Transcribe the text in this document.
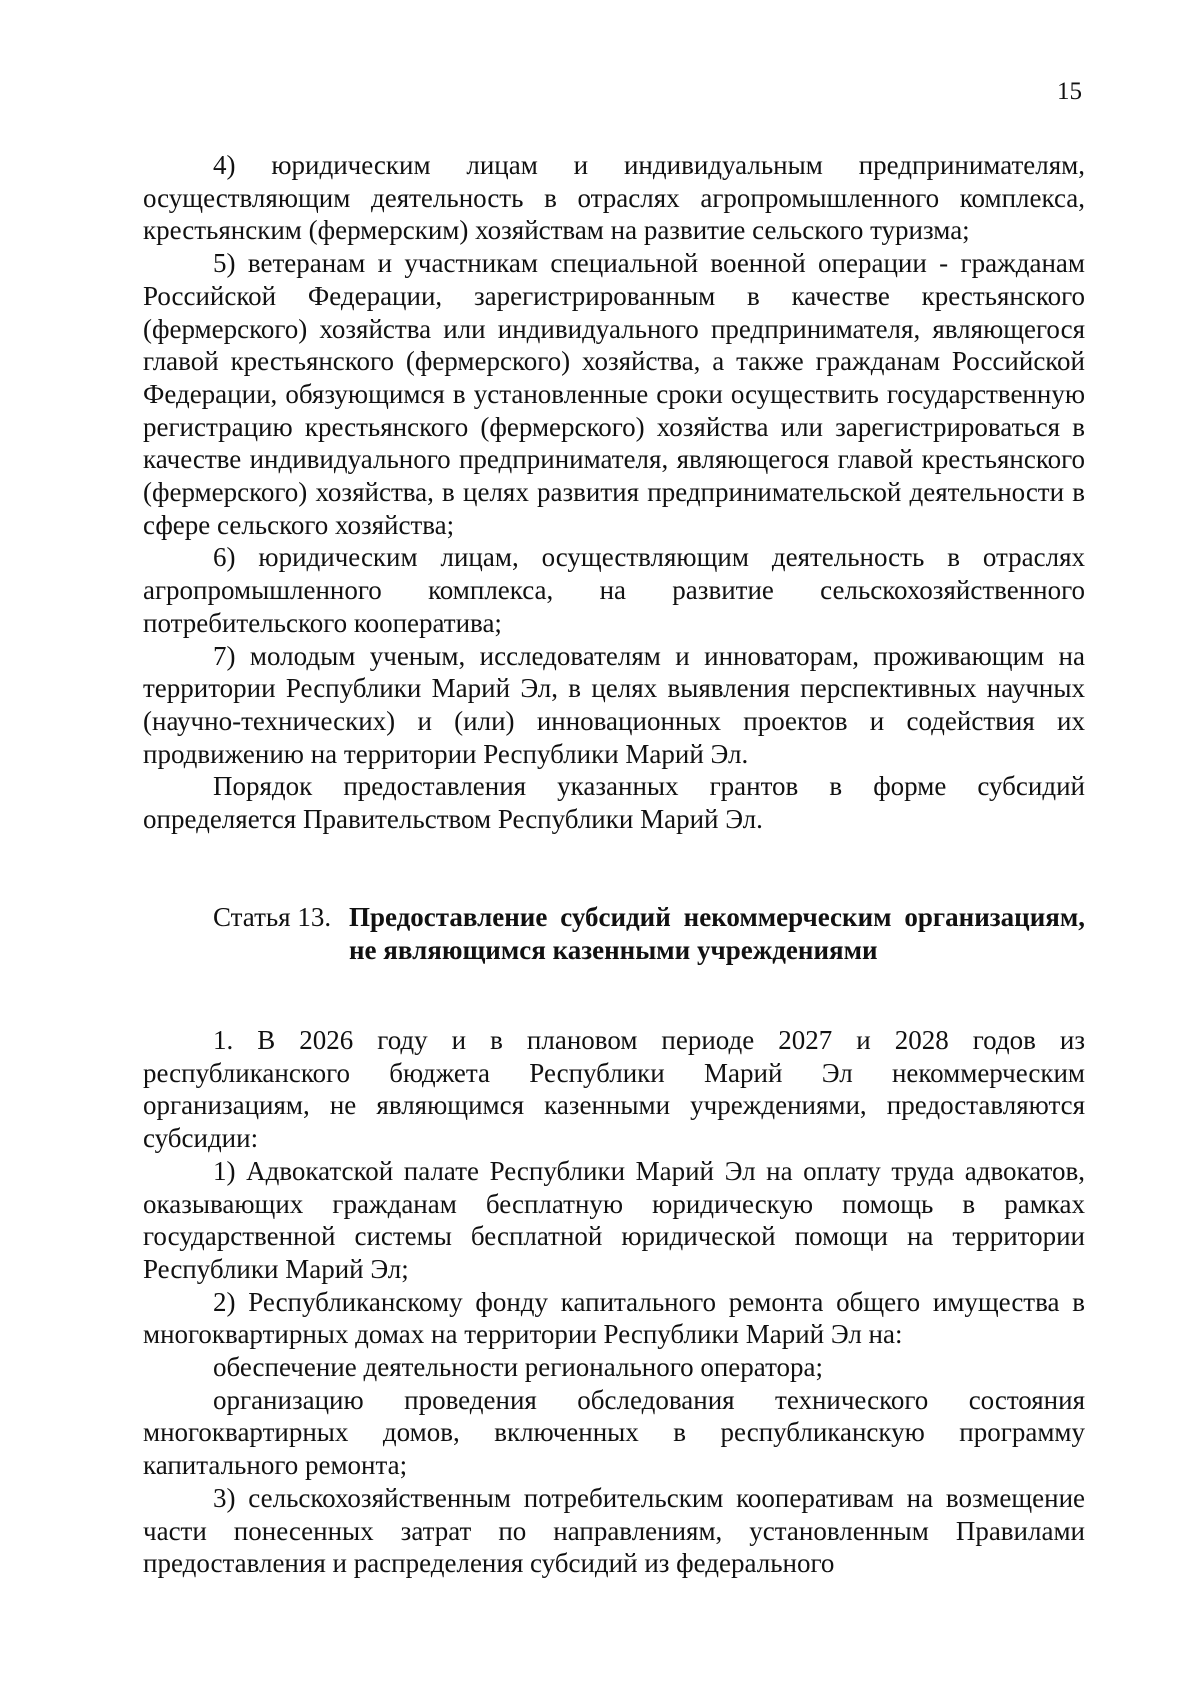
15

4) юридическим лицам и индивидуальным предпринимателям, осуществляющим деятельность в отраслях агропромышленного комплекса, крестьянским (фермерским) хозяйствам на развитие сельского туризма;

5) ветеранам и участникам специальной военной операции - гражданам Российской Федерации, зарегистрированным в качестве крестьянского (фермерского) хозяйства или индивидуального предпринимателя, являющегося главой крестьянского (фермерского) хозяйства, а также гражданам Российской Федерации, обязующимся в установленные сроки осуществить государственную регистрацию крестьянского (фермерского) хозяйства или зарегистрироваться в качестве индивидуального предпринимателя, являющегося главой крестьянского (фермерского) хозяйства, в целях развития предпринимательской деятельности в сфере сельского хозяйства;

6) юридическим лицам, осуществляющим деятельность в отраслях агропромышленного комплекса, на развитие сельскохозяйственного потребительского кооператива;

7) молодым ученым, исследователям и инноваторам, проживающим на территории Республики Марий Эл, в целях выявления перспективных научных (научно-технических) и (или) инновационных проектов и содействия их продвижению на территории Республики Марий Эл.

Порядок предоставления указанных грантов в форме субсидий определяется Правительством Республики Марий Эл.

Статья 13. Предоставление субсидий некоммерческим организациям, не являющимся казенными учреждениями

1. В 2026 году и в плановом периоде 2027 и 2028 годов из республиканского бюджета Республики Марий Эл некоммерческим организациям, не являющимся казенными учреждениями, предоставляются субсидии:

1) Адвокатской палате Республики Марий Эл на оплату труда адвокатов, оказывающих гражданам бесплатную юридическую помощь в рамках государственной системы бесплатной юридической помощи на территории Республики Марий Эл;

2) Республиканскому фонду капитального ремонта общего имущества в многоквартирных домах на территории Республики Марий Эл на:

обеспечение деятельности регионального оператора;

организацию проведения обследования технического состояния многоквартирных домов, включенных в республиканскую программу капитального ремонта;

3) сельскохозяйственным потребительским кооперативам на возмещение части понесенных затрат по направлениям, установленным Правилами предоставления и распределения субсидий из федерального
